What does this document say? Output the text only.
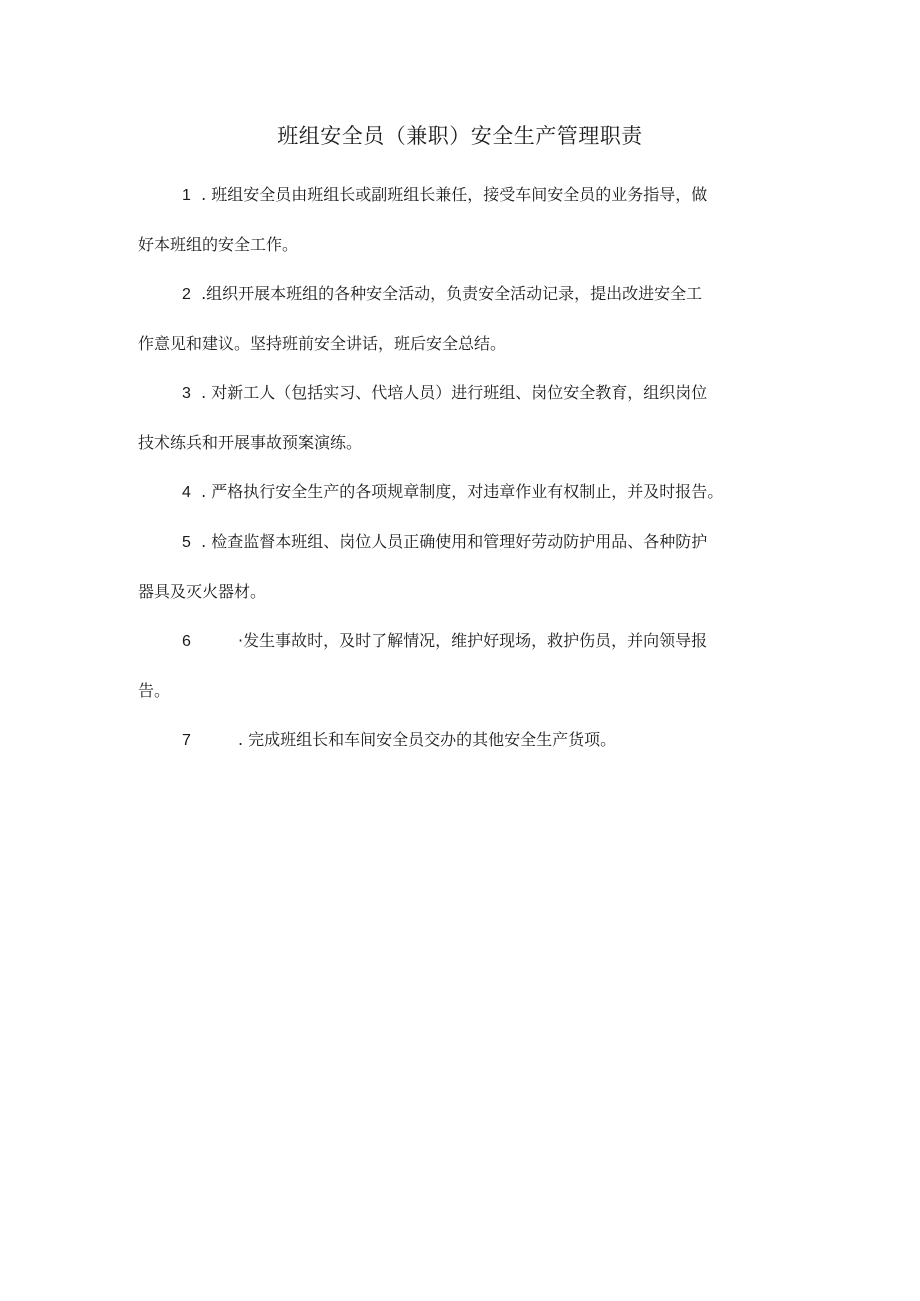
班组安全员（兼职）安全生产管理职责

1 . 班组安全员由班组长或副班组长兼任，接受车间安全员的业务指导，做
好本班组的安全工作。

2 .组织开展本班组的各种安全活动，负责安全活动记录，提出改进安全工
作意见和建议。坚持班前安全讲话，班后安全总结。

3 . 对新工人（包括实习、代培人员）进行班组、岗位安全教育，组织岗位
技术练兵和开展事故预案演练。

4 . 严格执行安全生产的各项规章制度，对违章作业有权制止，并及时报告。

5 . 检查监督本班组、岗位人员正确使用和管理好劳动防护用品、各种防护
器具及灭火器材。

6	·发生事故时，及时了解情况，维护好现场，救护伤员，并向领导报
告。

7	. 完成班组长和车间安全员交办的其他安全生产货项。
